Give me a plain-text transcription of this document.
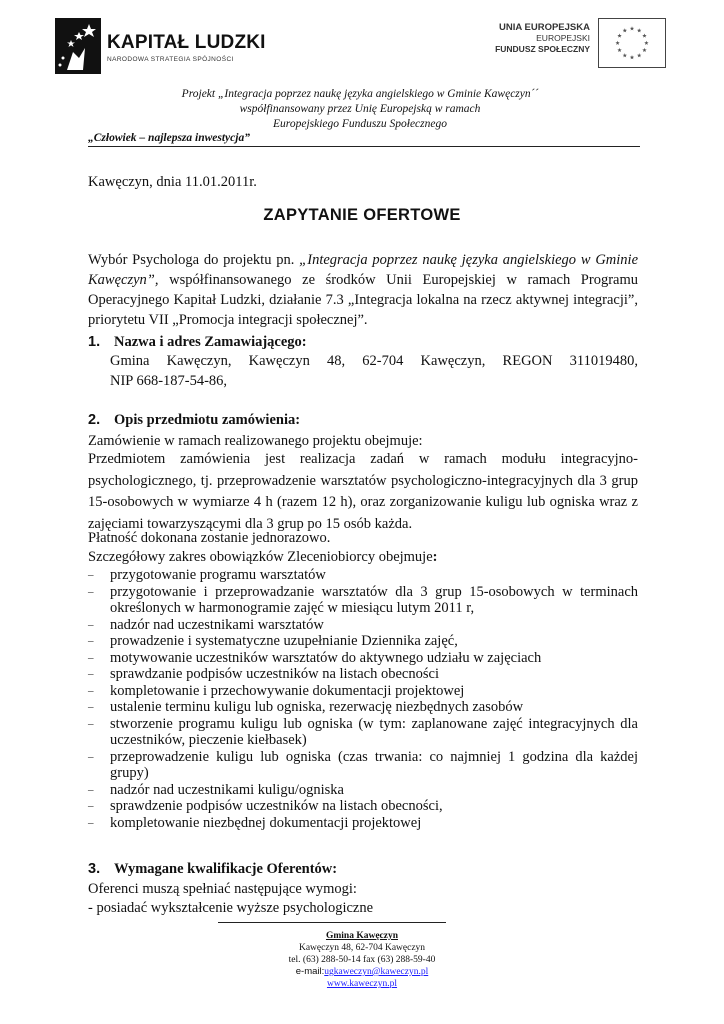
KAPITAŁ LUDZKI
NARODOWA STRATEGIA SPÓJNOŚCI
UNIA EUROPEJSKA
EUROPEJSKI
FUNDUSZ SPOŁECZNY
Projekt „Integracja poprzez naukę języka angielskiego w Gminie Kawęczyn´´
współfinansowany przez Unię Europejską w ramach
Europejskiego Funduszu Społecznego
„Człowiek – najlepsza inwestycja”
Kawęczyn, dnia 11.01.2011r.
ZAPYTANIE OFERTOWE
Wybór Psychologa do projektu pn. „Integracja poprzez naukę języka angielskiego w Gminie Kawęczyn”, współfinansowanego ze środków Unii Europejskiej w ramach Programu Operacyjnego Kapitał Ludzki, działanie 7.3 „Integracja lokalna na rzecz aktywnej integracji”, priorytetu VII „Promocja integracji społecznej”.
1. Nazwa i adres Zamawiającego:
Gmina Kawęczyn, Kawęczyn 48, 62-704 Kawęczyn, REGON 311019480,
NIP 668-187-54-86,
2. Opis przedmiotu zamówienia:
Zamówienie w ramach realizowanego projektu obejmuje:
Przedmiotem zamówienia jest realizacja zadań w ramach modułu integracyjno-psychologicznego, tj. przeprowadzenie warsztatów psychologiczno-integracyjnych dla 3 grup 15-osobowych w wymiarze 4 h (razem 12 h), oraz zorganizowanie kuligu lub ogniska wraz z zajęciami towarzyszącymi dla 3 grup po 15 osób każda.
Płatność dokonana zostanie jednorazowo.
Szczegółowy zakres obowiązków Zleceniobiorcy obejmuje:
– przygotowanie programu warsztatów
– przygotowanie i przeprowadzanie warsztatów dla 3 grup 15-osobowych w terminach określonych w harmonogramie zajęć w miesiącu lutym 2011 r,
– nadzór nad uczestnikami warsztatów
– prowadzenie i systematyczne uzupełnianie Dziennika zajęć,
– motywowanie uczestników warsztatów do aktywnego udziału w zajęciach
– sprawdzanie podpisów uczestników na listach obecności
– kompletowanie i przechowywanie dokumentacji projektowej
– ustalenie terminu kuligu lub ogniska, rezerwację niezbędnych zasobów
– stworzenie programu kuligu lub ogniska (w tym: zaplanowane zajęć integracyjnych dla uczestników, pieczenie kiełbasek)
– przeprowadzenie kuligu lub ogniska (czas trwania: co najmniej 1 godzina dla każdej grupy)
– nadzór nad uczestnikami kuligu/ogniska
– sprawdzenie podpisów uczestników na listach obecności,
– kompletowanie niezbędnej dokumentacji projektowej
3. Wymagane kwalifikacje Oferentów:
Oferenci muszą spełniać następujące wymogi:
- posiadać wykształcenie wyższe psychologiczne
Gmina Kawęczyn
Kawęczyn 48, 62-704 Kawęczyn
tel. (63) 288-50-14 fax (63) 288-59-40
e-mail:ugkaweczyn@kaweczyn.pl
www.kaweczyn.pl
